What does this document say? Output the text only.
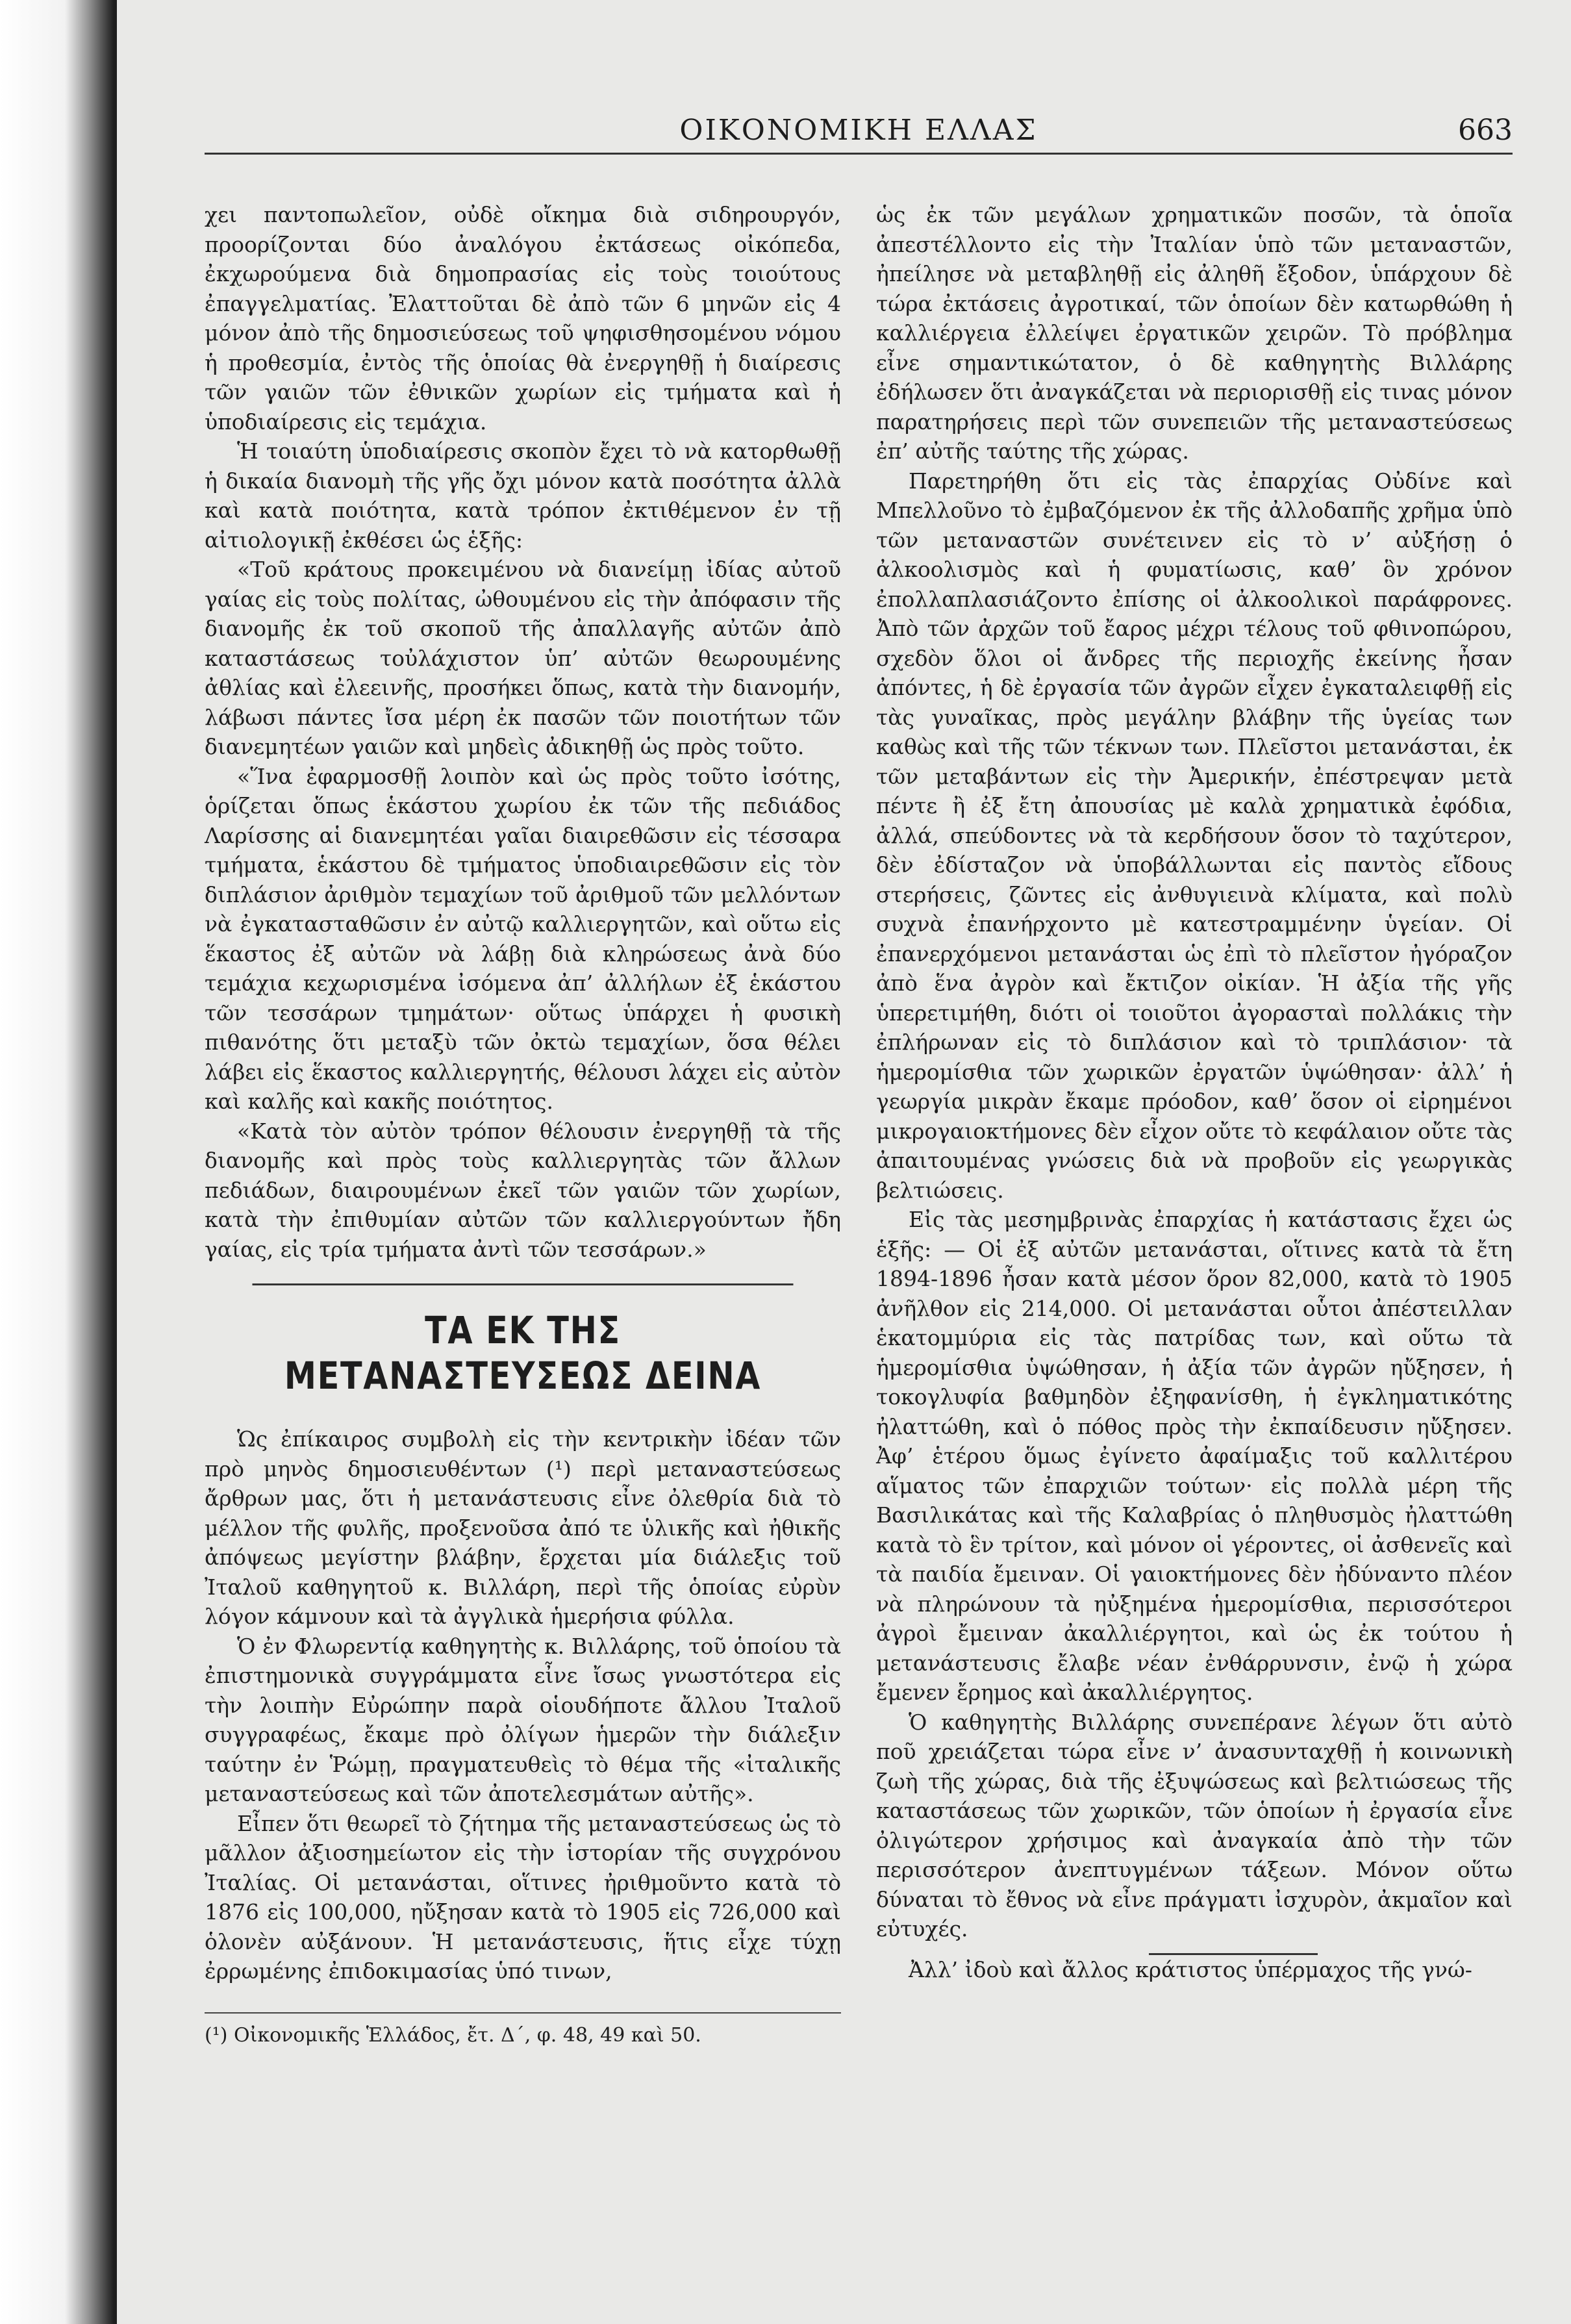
ΟΙΚΟΝΟΜΙΚΗ ΕΛΛΑΣ	663

χει παντοπωλεῖον, οὐδὲ οἴκημα διὰ σιδηρουργόν, προορίζονται δύο ἀναλόγου ἐκτάσεως οἰκόπεδα, ἐκχωρούμενα διὰ δημοπρασίας εἰς τοὺς τοιούτους ἐπαγγελματίας. Ἐλαττοῦται δὲ ἀπὸ τῶν 6 μηνῶν εἰς 4 μόνον ἀπὸ τῆς δημοσιεύσεως τοῦ ψηφισθησομένου νόμου ἡ προθεσμία, ἐντὸς τῆς ὁποίας θὰ ἐνεργηθῇ ἡ διαίρεσις τῶν γαιῶν τῶν ἐθνικῶν χωρίων εἰς τμήματα καὶ ἡ ὑποδιαίρεσις εἰς τεμάχια.

Ἡ τοιαύτη ὑποδιαίρεσις σκοπὸν ἔχει τὸ νὰ κατορθωθῇ ἡ δικαία διανομὴ τῆς γῆς ὄχι μόνον κατὰ ποσότητα ἀλλὰ καὶ κατὰ ποιότητα, κατὰ τρόπον ἐκτιθέμενον ἐν τῇ αἰτιολογικῇ ἐκθέσει ὡς ἑξῆς:

«Τοῦ κράτους προκειμένου νὰ διανείμῃ ἰδίας αὐτοῦ γαίας εἰς τοὺς πολίτας, ὠθουμένου εἰς τὴν ἀπόφασιν τῆς διανομῆς ἐκ τοῦ σκοποῦ τῆς ἀπαλλαγῆς αὐτῶν ἀπὸ καταστάσεως τοὐλάχιστον ὑπ’ αὐτῶν θεωρουμένης ἀθλίας καὶ ἐλεεινῆς, προσήκει ὅπως, κατὰ τὴν διανομήν, λάβωσι πάντες ἴσα μέρη ἐκ πασῶν τῶν ποιοτήτων τῶν διανεμητέων γαιῶν καὶ μηδεὶς ἀδικηθῇ ὡς πρὸς τοῦτο.

«Ἵνα ἐφαρμοσθῇ λοιπὸν καὶ ὡς πρὸς τοῦτο ἰσότης, ὁρίζεται ὅπως ἑκάστου χωρίου ἐκ τῶν τῆς πεδιάδος Λαρίσσης αἱ διανεμητέαι γαῖαι διαιρεθῶσιν εἰς τέσσαρα τμήματα, ἑκάστου δὲ τμήματος ὑποδιαιρεθῶσιν εἰς τὸν διπλάσιον ἀριθμὸν τεμαχίων τοῦ ἀριθμοῦ τῶν μελλόντων νὰ ἐγκατασταθῶσιν ἐν αὐτῷ καλλιεργητῶν, καὶ οὕτω εἰς ἕκαστος ἐξ αὐτῶν νὰ λάβῃ διὰ κληρώσεως ἀνὰ δύο τεμάχια κεχωρισμένα ἰσόμενα ἀπ’ ἀλλήλων ἐξ ἑκάστου τῶν τεσσάρων τμημάτων· οὕτως ὑπάρχει ἡ φυσικὴ πιθανότης ὅτι μεταξὺ τῶν ὀκτὼ τεμαχίων, ὅσα θέλει λάβει εἰς ἕκαστος καλλιεργητής, θέλουσι λάχει εἰς αὐτὸν καὶ καλῆς καὶ κακῆς ποιότητος.

«Κατὰ τὸν αὐτὸν τρόπον θέλουσιν ἐνεργηθῇ τὰ τῆς διανομῆς καὶ πρὸς τοὺς καλλιεργητὰς τῶν ἄλλων πεδιάδων, διαιρουμένων ἐκεῖ τῶν γαιῶν τῶν χωρίων, κατὰ τὴν ἐπιθυμίαν αὐτῶν τῶν καλλιεργούντων ἤδη γαίας, εἰς τρία τμήματα ἀντὶ τῶν τεσσάρων.»

ΤΑ ΕΚ ΤΗΣ ΜΕΤΑΝΑΣΤΕΥΣΕΩΣ ΔΕΙΝΑ

Ὡς ἐπίκαιρος συμβολὴ εἰς τὴν κεντρικὴν ἰδέαν τῶν πρὸ μηνὸς δημοσιευθέντων (¹) περὶ μεταναστεύσεως ἄρθρων μας, ὅτι ἡ μετανάστευσις εἶνε ὀλεθρία διὰ τὸ μέλλον τῆς φυλῆς, προξενοῦσα ἀπό τε ὑλικῆς καὶ ἠθικῆς ἀπόψεως μεγίστην βλάβην, ἔρχεται μία διάλεξις τοῦ Ἰταλοῦ καθηγητοῦ κ. Βιλλάρη, περὶ τῆς ὁποίας εὐρὺν λόγον κάμνουν καὶ τὰ ἀγγλικὰ ἡμερήσια φύλλα.

Ὁ ἐν Φλωρεντίᾳ καθηγητὴς κ. Βιλλάρης, τοῦ ὁποίου τὰ ἐπιστημονικὰ συγγράμματα εἶνε ἴσως γνωστότερα εἰς τὴν λοιπὴν Εὐρώπην παρὰ οἱουδήποτε ἄλλου Ἰταλοῦ συγγραφέως, ἔκαμε πρὸ ὀλίγων ἡμερῶν τὴν διάλεξιν ταύτην ἐν Ῥώμῃ, πραγματευθεὶς τὸ θέμα τῆς «ἰταλικῆς μεταναστεύσεως καὶ τῶν ἀποτελεσμάτων αὐτῆς».

Εἶπεν ὅτι θεωρεῖ τὸ ζήτημα τῆς μεταναστεύσεως ὡς τὸ μᾶλλον ἀξιοσημείωτον εἰς τὴν ἱστορίαν τῆς συγχρόνου Ἰταλίας. Οἱ μετανάσται, οἵτινες ἠριθμοῦντο κατὰ τὸ 1876 εἰς 100,000, ηὔξησαν κατὰ τὸ 1905 εἰς 726,000 καὶ ὁλονὲν αὐξάνουν. Ἡ μετανάστευσις, ἥτις εἶχε τύχῃ ἐρρωμένης ἐπιδοκιμασίας ὑπό τινων,

(¹) Οἰκονομικῆς Ἑλλάδος, ἔτ. Δ΄, φ. 48, 49 καὶ 50.

ὡς ἐκ τῶν μεγάλων χρηματικῶν ποσῶν, τὰ ὁποῖα ἀπεστέλλοντο εἰς τὴν Ἰταλίαν ὑπὸ τῶν μεταναστῶν, ἠπείλησε νὰ μεταβληθῇ εἰς ἀληθῆ ἔξοδον, ὑπάρχουν δὲ τώρα ἐκτάσεις ἀγροτικαί, τῶν ὁποίων δὲν κατωρθώθη ἡ καλλιέργεια ἐλλείψει ἐργατικῶν χειρῶν. Τὸ πρόβλημα εἶνε σημαντικώτατον, ὁ δὲ καθηγητὴς Βιλλάρης ἐδήλωσεν ὅτι ἀναγκάζεται νὰ περιορισθῇ εἰς τινας μόνον παρατηρήσεις περὶ τῶν συνεπειῶν τῆς μεταναστεύσεως ἐπ’ αὐτῆς ταύτης τῆς χώρας.

Παρετηρήθη ὅτι εἰς τὰς ἐπαρχίας Οὐδίνε καὶ Μπελλοῦνο τὸ ἐμβαζόμενον ἐκ τῆς ἀλλοδαπῆς χρῆμα ὑπὸ τῶν μεταναστῶν συνέτεινεν εἰς τὸ ν’ αὐξήσῃ ὁ ἀλκοολισμὸς καὶ ἡ φυματίωσις, καθ’ ὃν χρόνον ἐπολλαπλασιάζοντο ἐπίσης οἱ ἀλκοολικοὶ παράφρονες. Ἀπὸ τῶν ἀρχῶν τοῦ ἔαρος μέχρι τέλους τοῦ φθινοπώρου, σχεδὸν ὅλοι οἱ ἄνδρες τῆς περιοχῆς ἐκείνης ἦσαν ἀπόντες, ἡ δὲ ἐργασία τῶν ἀγρῶν εἶχεν ἐγκαταλειφθῇ εἰς τὰς γυναῖκας, πρὸς μεγάλην βλάβην τῆς ὑγείας των καθὼς καὶ τῆς τῶν τέκνων των. Πλεῖστοι μετανάσται, ἐκ τῶν μεταβάντων εἰς τὴν Ἀμερικήν, ἐπέστρεψαν μετὰ πέντε ἢ ἐξ ἔτη ἀπουσίας μὲ καλὰ χρηματικὰ ἐφόδια, ἀλλά, σπεύδοντες νὰ τὰ κερδήσουν ὅσον τὸ ταχύτερον, δὲν ἐδίσταζον νὰ ὑποβάλλωνται εἰς παντὸς εἴδους στερήσεις, ζῶντες εἰς ἀνθυγιεινὰ κλίματα, καὶ πολὺ συχνὰ ἐπανήρχοντο μὲ κατεστραμμένην ὑγείαν. Οἱ ἐπανερχόμενοι μετανάσται ὡς ἐπὶ τὸ πλεῖστον ἠγόραζον ἀπὸ ἕνα ἀγρὸν καὶ ἔκτιζον οἰκίαν. Ἡ ἀξία τῆς γῆς ὑπερετιμήθη, διότι οἱ τοιοῦτοι ἀγορασταὶ πολλάκις τὴν ἐπλήρωναν εἰς τὸ διπλάσιον καὶ τὸ τριπλάσιον· τὰ ἡμερομίσθια τῶν χωρικῶν ἐργατῶν ὑψώθησαν· ἀλλ’ ἡ γεωργία μικρὰν ἔκαμε πρόοδον, καθ’ ὅσον οἱ εἰρημένοι μικρογαιοκτήμονες δὲν εἶχον οὔτε τὸ κεφάλαιον οὔτε τὰς ἀπαιτουμένας γνώσεις διὰ νὰ προβοῦν εἰς γεωργικὰς βελτιώσεις.

Εἰς τὰς μεσημβρινὰς ἐπαρχίας ἡ κατάστασις ἔχει ὡς ἑξῆς: — Οἱ ἐξ αὐτῶν μετανάσται, οἵτινες κατὰ τὰ ἔτη 1894-1896 ἦσαν κατὰ μέσον ὅρον 82,000, κατὰ τὸ 1905 ἀνῆλθον εἰς 214,000. Οἱ μετανάσται οὗτοι ἀπέστειλλαν ἑκατομμύρια εἰς τὰς πατρίδας των, καὶ οὕτω τὰ ἡμερομίσθια ὑψώθησαν, ἡ ἀξία τῶν ἀγρῶν ηὔξησεν, ἡ τοκογλυφία βαθμηδὸν ἐξηφανίσθη, ἡ ἐγκληματικότης ἠλαττώθη, καὶ ὁ πόθος πρὸς τὴν ἐκπαίδευσιν ηὔξησεν. Ἀφ’ ἑτέρου ὅμως ἐγίνετο ἀφαίμαξις τοῦ καλλιτέρου αἵματος τῶν ἐπαρχιῶν τούτων· εἰς πολλὰ μέρη τῆς Βασιλικάτας καὶ τῆς Καλαβρίας ὁ πληθυσμὸς ἠλαττώθη κατὰ τὸ ἓν τρίτον, καὶ μόνον οἱ γέροντες, οἱ ἀσθενεῖς καὶ τὰ παιδία ἔμειναν. Οἱ γαιοκτήμονες δὲν ἠδύναντο πλέον νὰ πληρώνουν τὰ ηὐξημένα ἡμερομίσθια, περισσότεροι ἀγροὶ ἔμειναν ἀκαλλιέργητοι, καὶ ὡς ἐκ τούτου ἡ μετανάστευσις ἔλαβε νέαν ἐνθάρρυνσιν, ἐνῷ ἡ χώρα ἔμενεν ἔρημος καὶ ἀκαλλιέργητος.

Ὁ καθηγητὴς Βιλλάρης συνεπέρανε λέγων ὅτι αὐτὸ ποῦ χρειάζεται τώρα εἶνε ν’ ἀνασυνταχθῇ ἡ κοινωνικὴ ζωὴ τῆς χώρας, διὰ τῆς ἐξυψώσεως καὶ βελτιώσεως τῆς καταστάσεως τῶν χωρικῶν, τῶν ὁποίων ἡ ἐργασία εἶνε ὀλιγώτερον χρήσιμος καὶ ἀναγκαία ἀπὸ τὴν τῶν περισσότερον ἀνεπτυγμένων τάξεων. Μόνον οὕτω δύναται τὸ ἔθνος νὰ εἶνε πράγματι ἰσχυρὸν, ἀκμαῖον καὶ εὐτυχές.

Ἀλλ’ ἰδοὺ καὶ ἄλλος κράτιστος ὑπέρμαχος τῆς γνώ-
